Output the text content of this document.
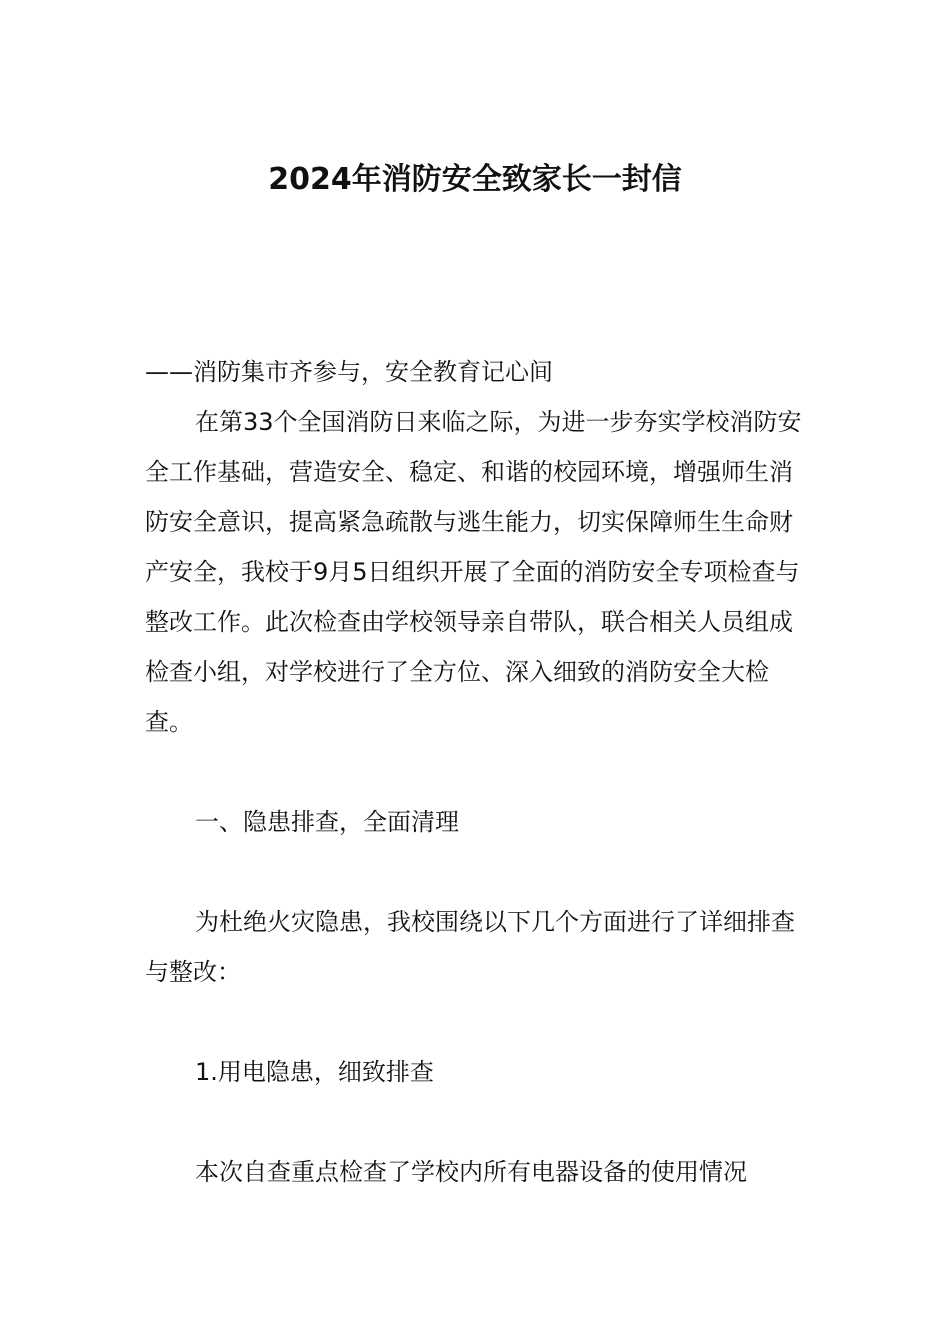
2024年消防安全致家长一封信

——消防集市齐参与，安全教育记心间

在第33个全国消防日来临之际，为进一步夯实学校消防安全工作基础，营造安全、稳定、和谐的校园环境，增强师生消防安全意识，提高紧急疏散与逃生能力，切实保障师生生命财产安全，我校于9月5日组织开展了全面的消防安全专项检查与整改工作。此次检查由学校领导亲自带队，联合相关人员组成检查小组，对学校进行了全方位、深入细致的消防安全大检查。

一、隐患排查，全面清理

为杜绝火灾隐患，我校围绕以下几个方面进行了详细排查与整改：

1.用电隐患，细致排查

本次自查重点检查了学校内所有电器设备的使用情况
